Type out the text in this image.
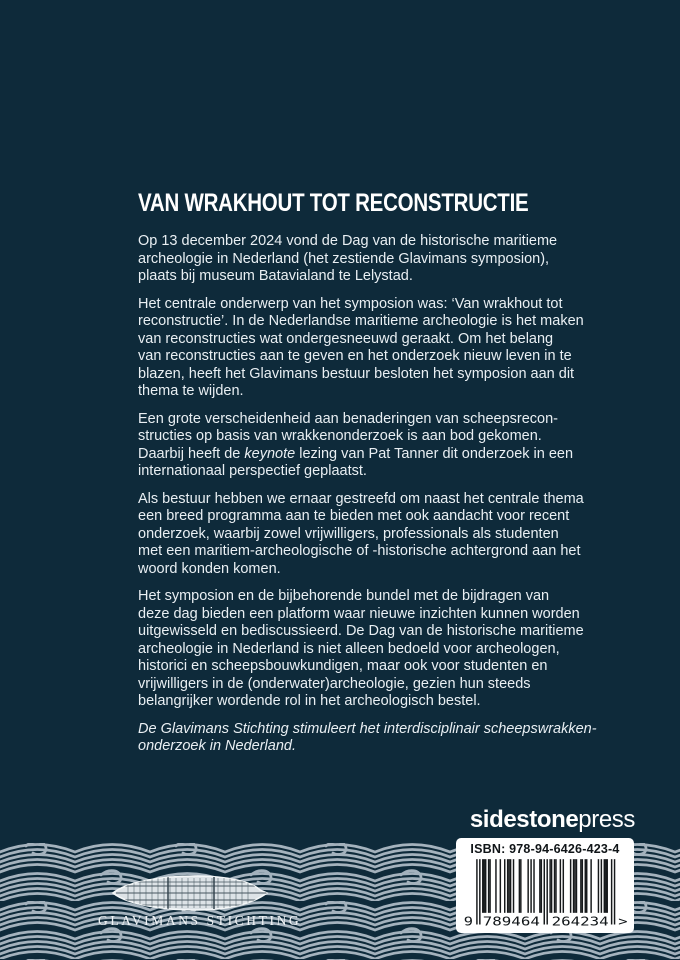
VAN WRAKHOUT TOT RECONSTRUCTIE

Op 13 december 2024 vond de Dag van de historische maritieme
archeologie in Nederland (het zestiende Glavimans symposion),
plaats bij museum Batavialand te Lelystad.

Het centrale onderwerp van het symposion was: ‘Van wrakhout tot
reconstructie’. In de Nederlandse maritieme archeologie is het maken
van reconstructies wat ondergesneeuwd geraakt. Om het belang
van reconstructies aan te geven en het onderzoek nieuw leven in te
blazen, heeft het Glavimans bestuur besloten het symposion aan dit
thema te wijden.

Een grote verscheidenheid aan benaderingen van scheepsrecon-
structies op basis van wrakkenonderzoek is aan bod gekomen.
Daarbij heeft de keynote lezing van Pat Tanner dit onderzoek in een
internationaal perspectief geplaatst.

Als bestuur hebben we ernaar gestreefd om naast het centrale thema
een breed programma aan te bieden met ook aandacht voor recent
onderzoek, waarbij zowel vrijwilligers, professionals als studenten
met een maritiem-archeologische of -historische achtergrond aan het
woord konden komen.

Het symposion en de bijbehorende bundel met de bijdragen van
deze dag bieden een platform waar nieuwe inzichten kunnen worden
uitgewisseld en bediscussieerd. De Dag van de historische maritieme
archeologie in Nederland is niet alleen bedoeld voor archeologen,
historici en scheepsbouwkundigen, maar ook voor studenten en
vrijwilligers in de (onderwater)archeologie, gezien hun steeds
belangrijker wordende rol in het archeologisch bestel.

De Glavimans Stichting stimuleert het interdisciplinair scheepswrakken-
onderzoek in Nederland.

GLAVIMANS STICHTING
sidestonepress
ISBN: 978-94-6426-423-4
9 789464 264234 >
